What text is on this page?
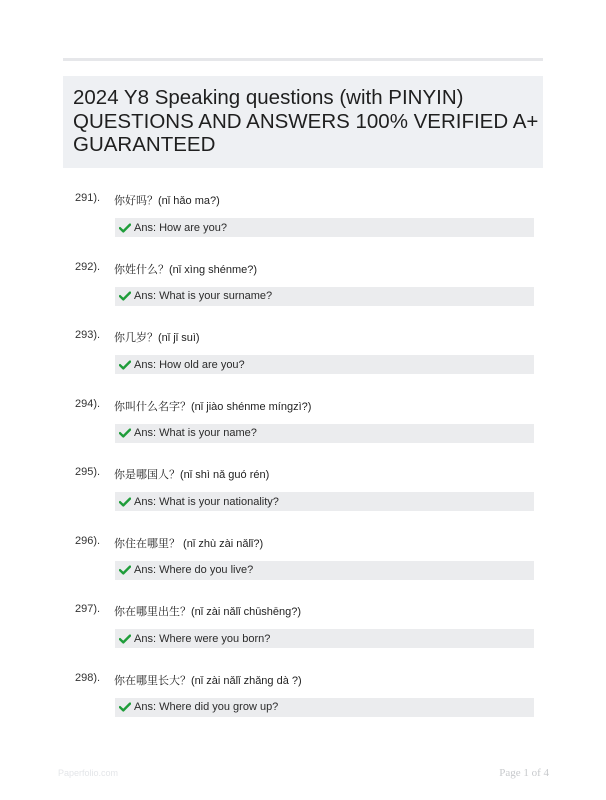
2024 Y8 Speaking questions (with PINYIN)
QUESTIONS AND ANSWERS 100% VERIFIED A+
GUARANTEED
291). 你好吗？(nǐ hǎo ma?)
Ans: How are you?
292). 你姓什么？(nǐ xìng shénme?)
Ans: What is your surname?
293). 你几岁？(nǐ jǐ suì)
Ans: How old are you?
294). 你叫什么名字？(nǐ jiào shénme míngzì?)
Ans: What is your name?
295). 你是哪国人？(nǐ shì nǎ guó rén)
Ans: What is your nationality?
296). 你住在哪里？ (nǐ zhù zài nǎlǐ?)
Ans: Where do you live?
297). 你在哪里出生？(nǐ zài nǎlǐ chūshēng?)
Ans: Where were you born?
298). 你在哪里长大？(nǐ zài nǎlǐ zhǎng dà ?)
Ans: Where did you grow up?
Paperfolio.com	Page 1 of 4
